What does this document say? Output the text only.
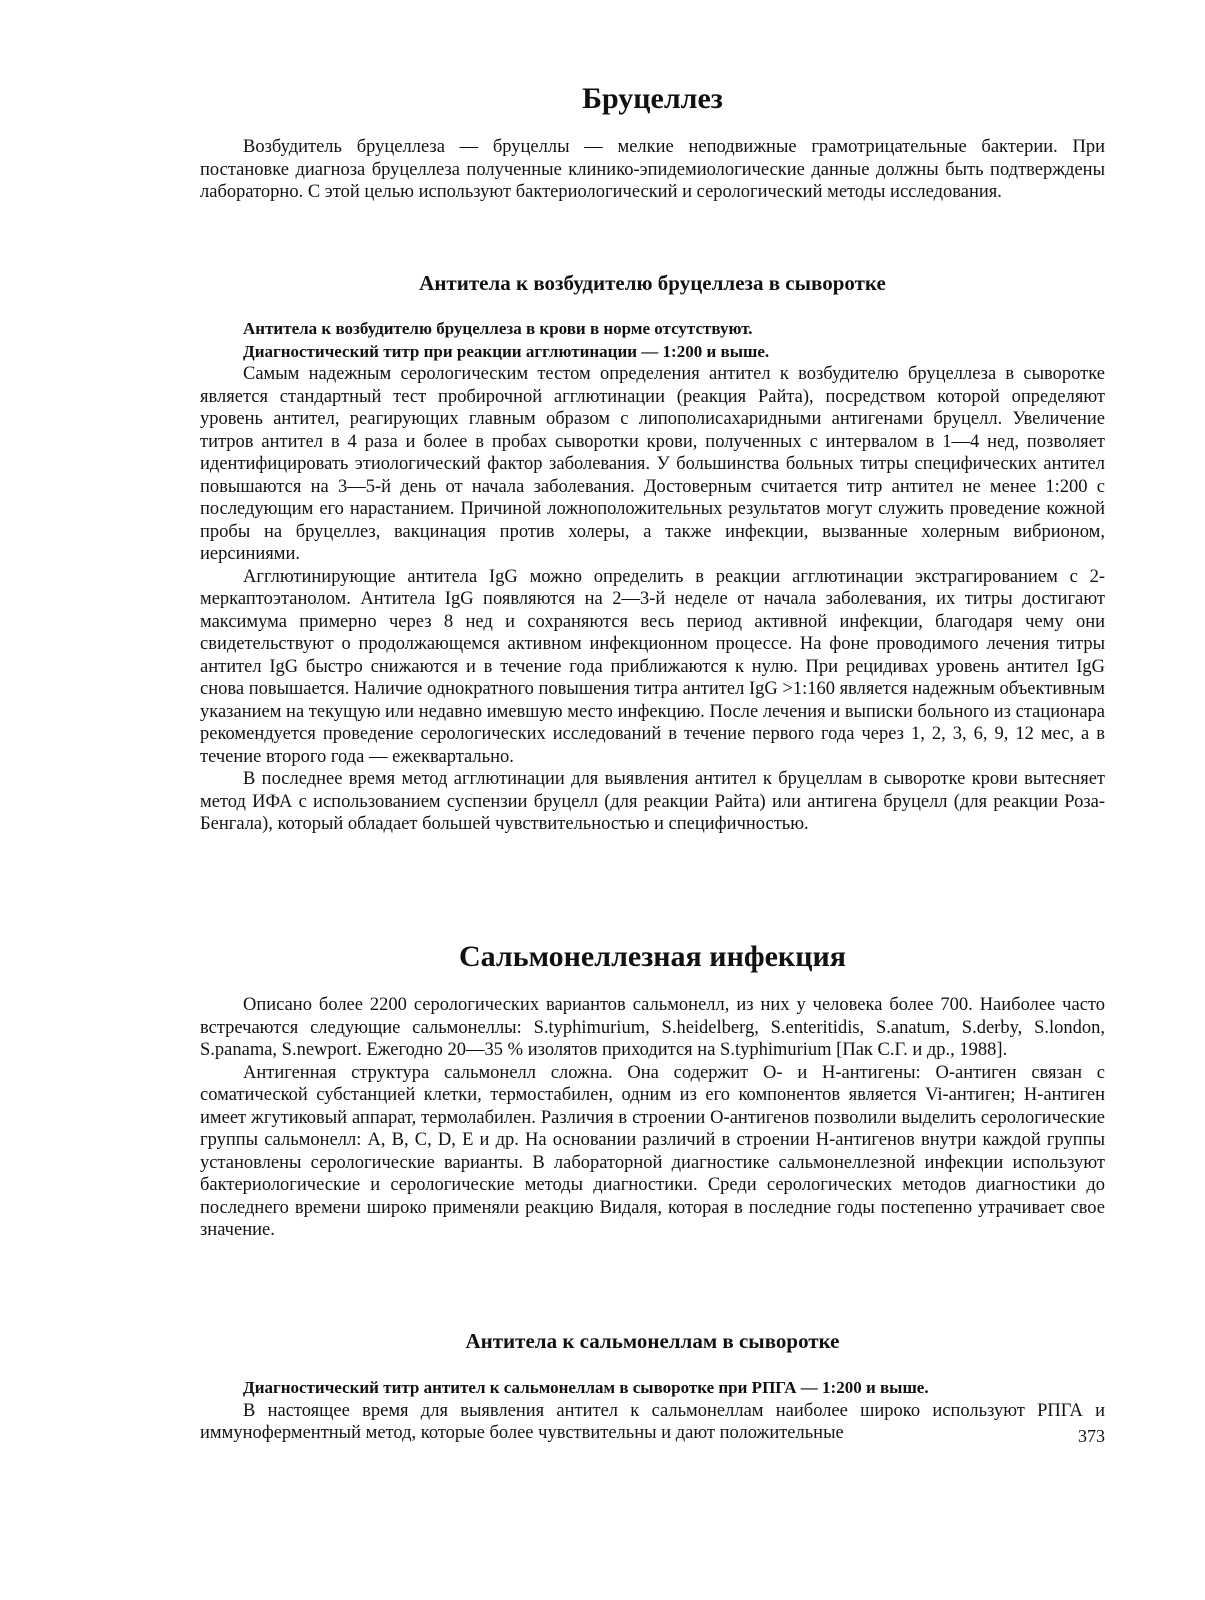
Бруцеллез

Возбудитель бруцеллеза — бруцеллы — мелкие неподвижные грамотрицательные бактерии. При постановке диагноза бруцеллеза полученные клинико-эпидемиологические данные должны быть подтверждены лабораторно. С этой целью используют бактериологический и серологический методы исследования.

Антитела к возбудителю бруцеллеза в сыворотке

Антитела к возбудителю бруцеллеза в крови в норме отсутствуют.

Диагностический титр при реакции агглютинации — 1:200 и выше.

Самым надежным серологическим тестом определения антител к возбудителю бруцеллеза в сыворотке является стандартный тест пробирочной агглютинации (реакция Райта), посредством которой определяют уровень антител, реагирующих главным образом с липополисахаридными антигенами бруцелл. Увеличение титров антител в 4 раза и более в пробах сыворотки крови, полученных с интервалом в 1—4 нед, позволяет идентифицировать этиологический фактор заболевания. У большинства больных титры специфических антител повышаются на 3—5-й день от начала заболевания. Достоверным считается титр антител не менее 1:200 с последующим его нарастанием. Причиной ложноположительных результатов могут служить проведение кожной пробы на бруцеллез, вакцинация против холеры, а также инфекции, вызванные холерным вибрионом, иерсиниями.

Агглютинирующие антитела IgG можно определить в реакции агглютинации экстрагированием с 2-меркаптоэтанолом. Антитела IgG появляются на 2—3-й неделе от начала заболевания, их титры достигают максимума примерно через 8 нед и сохраняются весь период активной инфекции, благодаря чему они свидетельствуют о продолжающемся активном инфекционном процессе. На фоне проводимого лечения титры антител IgG быстро снижаются и в течение года приближаются к нулю. При рецидивах уровень антител IgG снова повышается. Наличие однократного повышения титра антител IgG >1:160 является надежным объективным указанием на текущую или недавно имевшую место инфекцию. После лечения и выписки больного из стационара рекомендуется проведение серологических исследований в течение первого года через 1, 2, 3, 6, 9, 12 мес, а в течение второго года — ежеквартально.

В последнее время метод агглютинации для выявления антител к бруцеллам в сыворотке крови вытесняет метод ИФА с использованием суспензии бруцелл (для реакции Райта) или антигена бруцелл (для реакции Роза-Бенгала), который обладает большей чувствительностью и специфичностью.

Сальмонеллезная инфекция

Описано более 2200 серологических вариантов сальмонелл, из них у человека более 700. Наиболее часто встречаются следующие сальмонеллы: S.typhimurium, S.heidelberg, S.enteritidis, S.anatum, S.derby, S.london, S.panama, S.newport. Ежегодно 20—35 % изолятов приходится на S.typhimurium [Пак С.Г. и др., 1988].

Антигенная структура сальмонелл сложна. Она содержит О- и Н-антигены: О-антиген связан с соматической субстанцией клетки, термостабилен, одним из его компонентов является Vi-антиген; Н-антиген имеет жгутиковый аппарат, термолабилен. Различия в строении О-антигенов позволили выделить серологические группы сальмонелл: А, В, С, D, Е и др. На основании различий в строении Н-антигенов внутри каждой группы установлены серологические варианты. В лабораторной диагностике сальмонеллезной инфекции используют бактериологические и серологические методы диагностики. Среди серологических методов диагностики до последнего времени широко применяли реакцию Видаля, которая в последние годы постепенно утрачивает свое значение.

Антитела к сальмонеллам в сыворотке

Диагностический титр антител к сальмонеллам в сыворотке при РПГА — 1:200 и выше.

В настоящее время для выявления антител к сальмонеллам наиболее широко используют РПГА и иммуноферментный метод, которые более чувствительны и дают положительные	373
